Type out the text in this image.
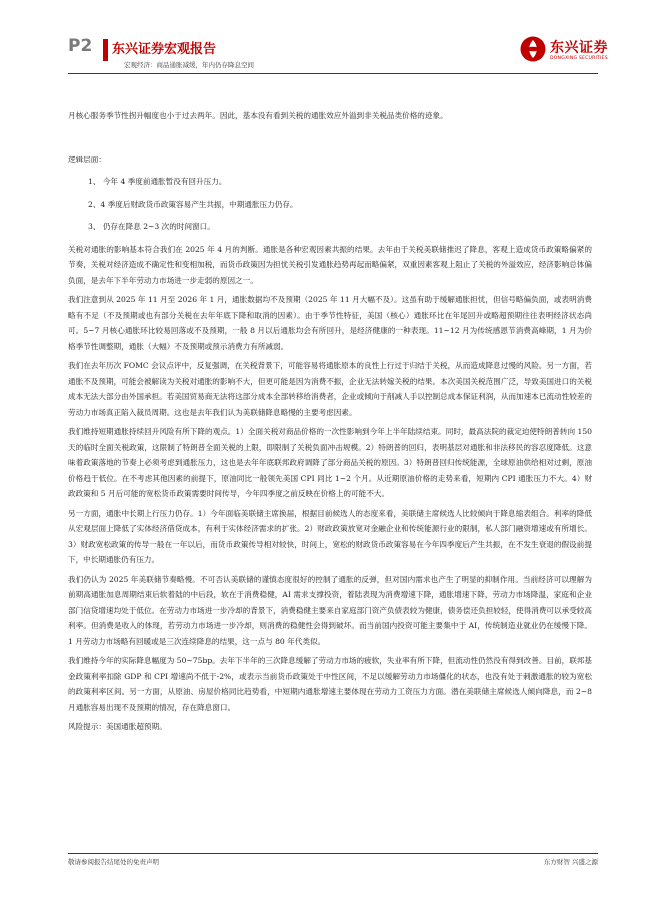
P2 东兴证券宏观报告
宏观经济：商品通胀减缓，年内仍存降息空间
东兴证券
DONGXING SECURITIES

月核心服务季节性拐升幅度也小于过去两年。因此，基本没有看到关税的通胀效应外溢到非关税品类价格的迹象。

逻辑层面：

1、 今年 4 季度前通胀暂没有回升压力。

2、4 季度后财政货币政策容易产生共振，中期通胀压力仍存。

3、 仍存在降息 2~3 次的时间窗口。

关税对通胀的影响基本符合我们在 2025 年 4 月的判断。通胀是各种宏观因素共振的结果。去年由于关税美联储推迟了降息，客观上造成货币政策略偏紧的节奏，关税对经济造成不确定性和变相加税，而货币政策因为担忧关税引发通胀趋势再起而略偏紧，双重因素客观上阻止了关税的外溢效应，经济影响总体偏负面，是去年下半年劳动力市场进一步走弱的原因之一。

我们注意到从 2025 年 11 月至 2026 年 1 月，通胀数据均不及预期（2025 年 11 月大幅不及）。这虽有助于缓解通胀担忧，但信号略偏负面，或表明消费略有不足（不及预期或也有部分关税在去年年底下降和取消的因素）。由于季节性特征，美国（核心）通胀环比在年尾回升或略超预期往往表明经济状态尚可。5~7 月核心通胀环比较易回落或不及预期，一般 8 月以后通胀均会有所回升，是经济健康的一种表现。11~12 月为传统感恩节消费高峰期，1 月为价格季节性调整期，通胀（大幅）不及预期或预示消费力有所减弱。

我们在去年历次 FOMC 会议点评中，反复强调，在关税背景下，可能容易将通胀原本的良性上行过于归结于关税，从而造成降息过慢的风险。另一方面，若通胀不及预期，可能会被解读为关税对通胀的影响不大，但更可能是因为消费不振，企业无法转嫁关税的结果。本次美国关税范围广泛，导致美国进口的关税成本无法大部分由外国承担。若美国贸易商无法将这部分成本全部转移给消费者，企业或倾向于削减人手以控制总成本保证利润，从而加速本已流动性较差的劳动力市场真正陷入裁员周期。这也是去年我们认为美联储降息略慢的主要考虑因素。

我们维持短期通胀持续回升风险有所下降的观点。1）全面关税对商品价格的一次性影响到今年上半年陆续结束。同时，最高法院的裁定迫使特朗普转向 150 天的临时全面关税政策，这限制了特朗普全面关税的上限，即限制了关税负面冲击规模。2）特朗普的回归，表明基层对通胀和非法移民的容忍度降低。这意味着政策落地的节奏上必须考虑到通胀压力，这也是去年年底联邦政府调降了部分商品关税的原因。3）特朗普回归传统能源，全球原油供给相对过剩，原油价格趋于低位。在不考虑其他因素的前提下，原油同比一般领先美国 CPI 同比 1~2 个月。从近期原油价格的走势来看，短期内 CPI 通胀压力不大。4）财政政策和 5 月后可能的宽松货币政策需要时间传导，今年四季度之前反映在价格上的可能不大。

另一方面，通胀中长期上行压力仍存。1）今年面临美联储主席换届，根据目前候选人的态度来看，美联储主席候选人比较倾向于降息缩表组合。利率的降低从宏观层面上降低了实体经济借贷成本，有利于实体经济需求的扩张。2）财政政策放宽对金融企业和传统能源行业的限制，私人部门融资增速或有所增长。3）财政宽松政策的传导一般在一年以后，而货币政策传导相对较快，时间上，宽松的财政货币政策容易在今年四季度后产生共振，在不发生衰退的假设前提下，中长期通胀仍有压力。

我们仍认为 2025 年美联储节奏略慢。不可否认美联储的谨慎态度很好的控制了通胀的反弹，但对国内需求也产生了明显的抑制作用。当前经济可以理解为前期高通胀加息周期结束后软着陆的中后段，软在于消费稳健，AI 需求支撑投资，着陆表现为消费增速下降，通胀增速下降，劳动力市场降温，家庭和企业部门信贷增速均处于低位。在劳动力市场进一步冷却的背景下，消费稳健主要来自家庭部门资产负债表较为健康，债务偿还负担较轻，使得消费可以承受较高利率。但消费是收入的体现，若劳动力市场进一步冷却，则消费的稳健性会得到破坏。而当前国内投资可能主要集中于 AI，传统制造业就业仍在缓慢下降。1 月劳动力市场略有回暖或是三次连续降息的结果，这一点与 80 年代类似。

我们维持今年的实际降息幅度为 50~75bp。去年下半年的三次降息缓解了劳动力市场的疲软，失业率有所下降，但流动性仍然没有得到改善。目前，联邦基金政策利率扣除 GDP 和 CPI 增速尚不低于-2%，或表示当前货币政策处于中性区间，不足以缓解劳动力市场僵化的状态，也没有处于刺激通胀的较为宽松的政策利率区间。另一方面，从原油、房屋价格同比趋势看，中短期内通胀增速主要体现在劳动力工资压力方面。潜在美联储主席候选人倾向降息，而 2~8 月通胀容易出现不及预期的情况，存在降息窗口。

风险提示：美国通胀超预期。

敬请参阅报告结尾处的免责声明	东方财智 兴盛之源
